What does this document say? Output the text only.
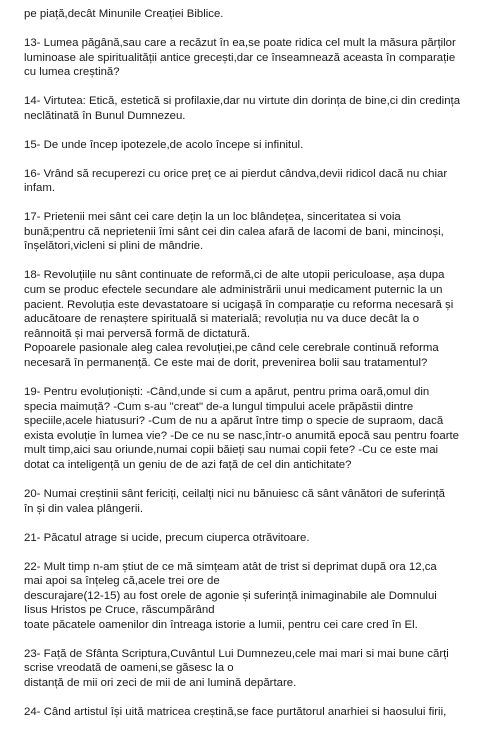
pe piață,decât Minunile Creației Biblice.
13- Lumea păgână,sau care a recăzut în ea,se poate ridica cel mult la măsura părților
luminoase ale spiritualității antice grecești,dar ce înseamnează aceasta în comparație
cu lumea creștină?
14- Virtutea: Etică, estetică si profilaxie,dar nu virtute din dorința de bine,ci din credința
neclătinată în Bunul Dumnezeu.
15- De unde încep ipotezele,de acolo începe si infinitul.
16- Vrând să recuperezi cu orice preț ce ai pierdut cândva,devii ridicol dacă nu chiar
infam.
17- Prietenii mei sânt cei care dețin la un loc blândețea, sinceritatea si voia
bună;pentru că neprietenii îmi sânt cei din calea afară de lacomi de bani, mincinoși,
înșelători,vicleni si plini de mândrie.
18- Revoluțiile nu sânt continuate de reformă,ci de alte utopii periculoase, așa dupa
cum se produc efectele secundare ale administrării unui medicament puternic la un
pacient. Revoluția este devastatoare si ucigașă în comparație cu reforma necesară și
aducătoare de renaștere spirituală si materială; revoluția nu va duce decât la o
reânnoită și mai perversă formă de dictatură.
Popoarele pasionale aleg calea revoluției,pe când cele cerebrale continuă reforma
necesară în permanență. Ce este mai de dorit, prevenirea bolii sau tratamentul?
19- Pentru evoluționiști: -Când,unde si cum a apărut, pentru prima oară,omul din
specia maimuță? -Cum s-au "creat" de-a lungul timpului acele prăpăstii dintre
speciile,acele hiatusuri? -Cum de nu a apărut între timp o specie de supraom, dacă
exista evoluție în lumea vie? -De ce nu se nasc,într-o anumită epocă sau pentru foarte
mult timp,aici sau oriunde,numai copii băieți sau numai copii fete? -Cu ce este mai
dotat ca inteligență un geniu de de azi față de cel din antichitate?
20- Numai creștinii sânt fericiți, ceilalți nici nu bănuiesc că sânt vânători de suferință
în și din valea plângerii.
21- Păcatul atrage si ucide, precum ciuperca otrăvitoare.
22- Mult timp n-am știut de ce mă simțeam atât de trist si deprimat după ora 12,ca
mai apoi sa înțeleg că,acele trei ore de
descurajare(12-15) au fost orele de agonie și suferință inimaginabile ale Domnului
Iisus Hristos pe Cruce, răscumpărând
toate păcatele oamenilor din întreaga istorie a lumii, pentru cei care cred în El.
23- Față de Sfânta Scriptura,Cuvântul Lui Dumnezeu,cele mai mari si mai bune cărți
scrise vreodată de oameni,se găsesc la o
distanță de mii ori zeci de mii de ani lumină depărtare.
24- Când artistul își uită matricea creștină,se face purtătorul anarhiei si haosului firii,
